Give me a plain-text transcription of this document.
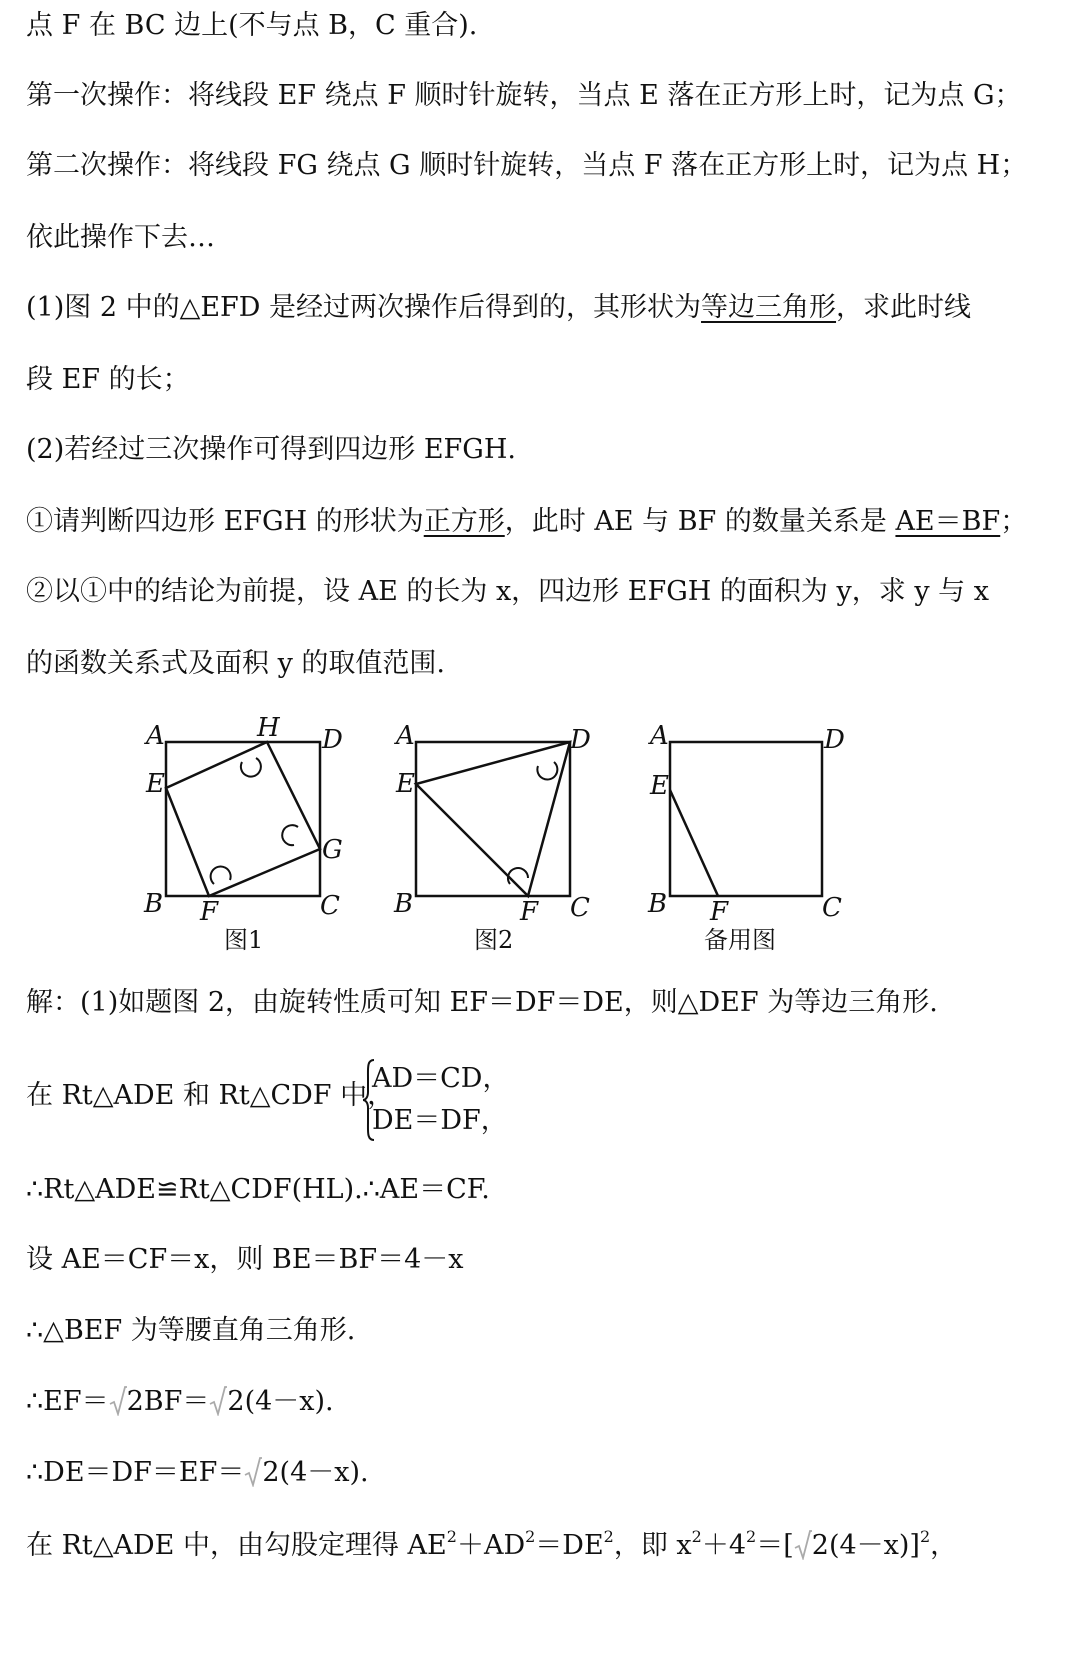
点 F 在 BC 边上(不与点 B，C 重合).
第一次操作：将线段 EF 绕点 F 顺时针旋转，当点 E 落在正方形上时，记为点 G；
第二次操作：将线段 FG 绕点 G 顺时针旋转，当点 F 落在正方形上时，记为点 H；
依此操作下去…
(1)图 2 中的△EFD 是经过两次操作后得到的，其形状为等边三角形，求此时线
段 EF 的长；
(2)若经过三次操作可得到四边形 EFGH.
①请判断四边形 EFGH 的形状为正方形，此时 AE 与 BF 的数量关系是 AE＝BF；
②以①中的结论为前提，设 AE 的长为 x，四边形 EFGH 的面积为 y，求 y 与 x
的函数关系式及面积 y 的取值范围.
A	D
E
H
G
B F	C
图1
A	D
E
B	F C
图2
A	D
E
B F	C
备用图
解：(1)如题图 2，由旋转性质可知 EF＝DF＝DE，则△DEF 为等边三角形.
在 Rt△ADE 和 Rt△CDF 中，
AD＝CD，
DE＝DF，
∴Rt△ADE≌Rt△CDF(HL).∴AE＝CF.
设 AE＝CF＝x，则 BE＝BF＝4－x
∴△BEF 为等腰直角三角形.
∴EF＝ 2BF＝ 2(4－x).
∴DE＝DF＝EF＝ 2(4－x).
在 Rt△ADE 中，由勾股定理得 $AE^2+AD^2=DE^2$，即 $x^2+4^2=$[ 2(4－x)]$^2$，
